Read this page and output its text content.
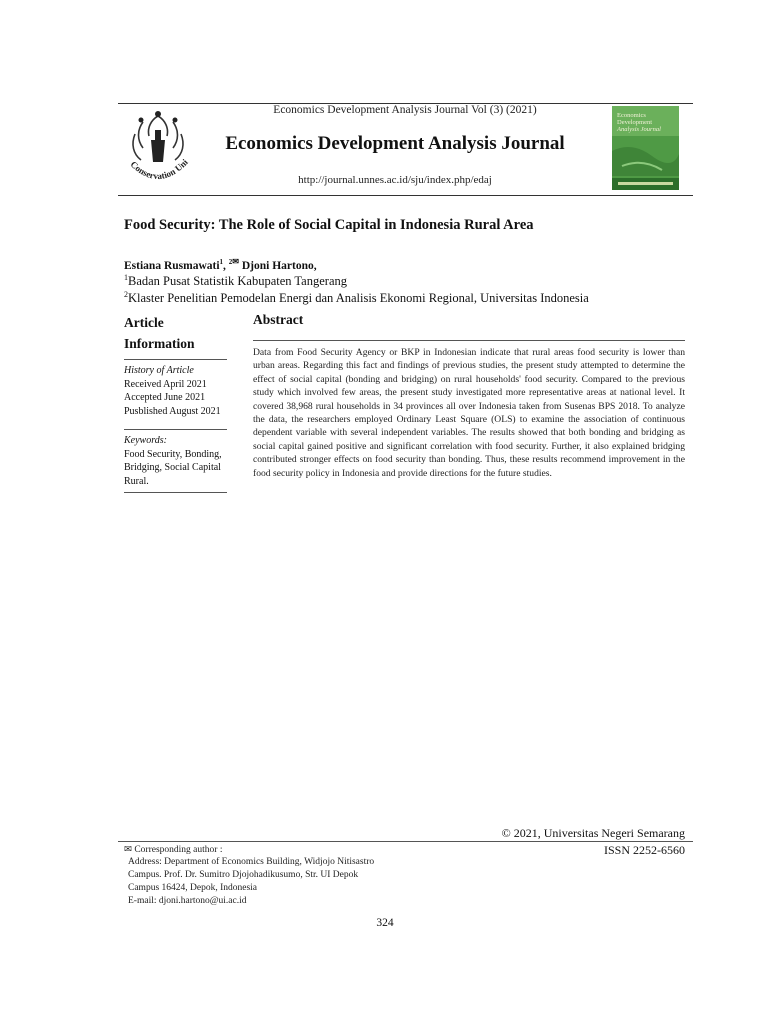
Conservation Uni
Economics Development Analysis Journal Vol (3) (2021)
Economics Development Analysis Journal
http://journal.unnes.ac.id/sju/index.php/edaj
Economics
Development
Analysis Journal
Food Security: The Role of Social Capital in Indonesia Rural Area
Estiana Rusmawati$^1$, $^{2✉}$ Djoni Hartono,
$^1$Badan Pusat Statistik Kabupaten Tangerang
$^2$Klaster Penelitian Pemodelan Energi dan Analisis Ekonomi Regional, Universitas Indonesia
Article
Information
History of Article
Received April 2021
Accepted June 2021
Pusblished August 2021
Keywords:
Food Security, Bonding,
Bridging, Social Capital
Rural.
Abstract
Data from Food Security Agency or BKP in Indonesian indicate that rural areas food security is lower than urban areas. Regarding this fact and findings of previous studies, the present study attempted to determine the effect of social capital (bonding and bridging) on rural households' food security. Compared to the previous study which involved few areas, the present study investigated more representative areas at national level. It covered 38,968 rural households in 34 provinces all over Indonesia taken from Susenas BPS 2018. To analyze the data, the researchers employed Ordinary Least Square (OLS) to examine the association of continuous dependent variable with several independent variables. The results showed that both bonding and bridging as social capital gained positive and significant correlation with food security. Further, it also explained bridging contributed stronger effects on food security than bonding. Thus, these results recommend improvement in the food security policy in Indonesia and provide directions for the future studies.
© 2021, Universitas Negeri Semarang
ISSN 2252-6560
✉ Corresponding author :
Address: Department of Economics Building, Widjojo Nitisastro
Campus. Prof. Dr. Sumitro Djojohadikusumo, Str. UI Depok
Campus 16424, Depok, Indonesia
E-mail: djoni.hartono@ui.ac.id
324
